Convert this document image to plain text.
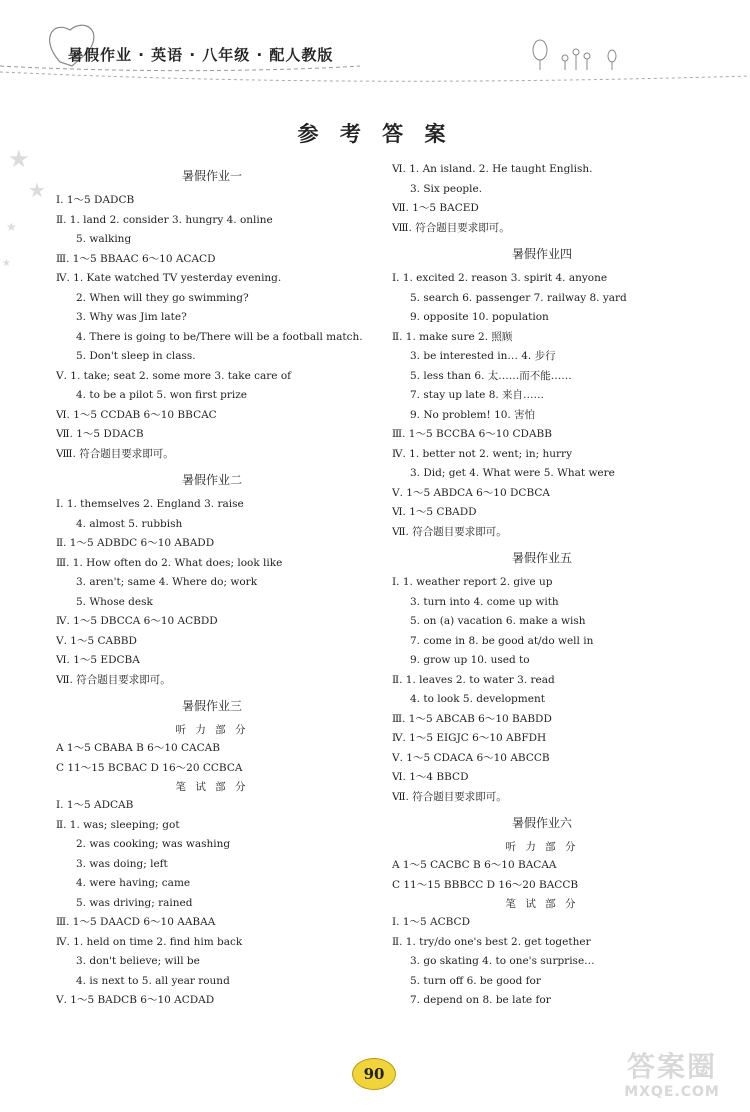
暑假作业 · 英语 · 八年级 · 配人教版
★
★
★
★
参 考 答 案
暑假作业一
Ⅰ. 1～5 DADCB
Ⅱ. 1. land 2. consider 3. hungry 4. online
5. walking
Ⅲ. 1～5 BBAAC 6～10 ACACD
Ⅳ. 1. Kate watched TV yesterday evening.
2. When will they go swimming?
3. Why was Jim late?
4. There is going to be/There will be a football match.
5. Don't sleep in class.
Ⅴ. 1. take; seat 2. some more 3. take care of
4. to be a pilot 5. won first prize
Ⅵ. 1～5 CCDAB 6～10 BBCAC
Ⅶ. 1～5 DDACB
Ⅷ. 符合题目要求即可。
暑假作业二
Ⅰ. 1. themselves 2. England 3. raise
4. almost 5. rubbish
Ⅱ. 1～5 ADBDC 6～10 ABADD
Ⅲ. 1. How often do 2. What does; look like
3. aren't; same 4. Where do; work
5. Whose desk
Ⅳ. 1～5 DBCCA 6～10 ACBDD
Ⅴ. 1～5 CABBD
Ⅵ. 1～5 EDCBA
Ⅶ. 符合题目要求即可。
暑假作业三
听 力 部 分
A 1～5 CBABA B 6～10 CACAB
C 11～15 BCBAC D 16～20 CCBCA
笔 试 部 分
Ⅰ. 1～5 ADCAB
Ⅱ. 1. was; sleeping; got
2. was cooking; was washing
3. was doing; left
4. were having; came
5. was driving; rained
Ⅲ. 1～5 DAACD 6～10 AABAA
Ⅳ. 1. held on time 2. find him back
3. don't believe; will be
4. is next to 5. all year round
Ⅴ. 1～5 BADCB 6～10 ACDAD
Ⅵ. 1. An island. 2. He taught English.
3. Six people.
Ⅶ. 1～5 BACED
Ⅷ. 符合题目要求即可。
暑假作业四
Ⅰ. 1. excited 2. reason 3. spirit 4. anyone
5. search 6. passenger 7. railway 8. yard
9. opposite 10. population
Ⅱ. 1. make sure 2. 照顾
3. be interested in… 4. 步行
5. less than 6. 太……而不能……
7. stay up late 8. 来自……
9. No problem! 10. 害怕
Ⅲ. 1～5 BCCBA 6～10 CDABB
Ⅳ. 1. better not 2. went; in; hurry
3. Did; get 4. What were 5. What were
Ⅴ. 1～5 ABDCA 6～10 DCBCA
Ⅵ. 1～5 CBADD
Ⅶ. 符合题目要求即可。
暑假作业五
Ⅰ. 1. weather report 2. give up
3. turn into 4. come up with
5. on (a) vacation 6. make a wish
7. come in 8. be good at/do well in
9. grow up 10. used to
Ⅱ. 1. leaves 2. to water 3. read
4. to look 5. development
Ⅲ. 1～5 ABCAB 6～10 BABDD
Ⅳ. 1～5 EIGJC 6～10 ABFDH
Ⅴ. 1～5 CDACA 6～10 ABCCB
Ⅵ. 1～4 BBCD
Ⅶ. 符合题目要求即可。
暑假作业六
听 力 部 分
A 1～5 CACBC B 6～10 BACAA
C 11～15 BBBCC D 16～20 BACCB
笔 试 部 分
Ⅰ. 1～5 ACBCD
Ⅱ. 1. try/do one's best 2. get together
3. go skating 4. to one's surprise…
5. turn off 6. be good for
7. depend on 8. be late for
90	答案圈
MXQE.COM
